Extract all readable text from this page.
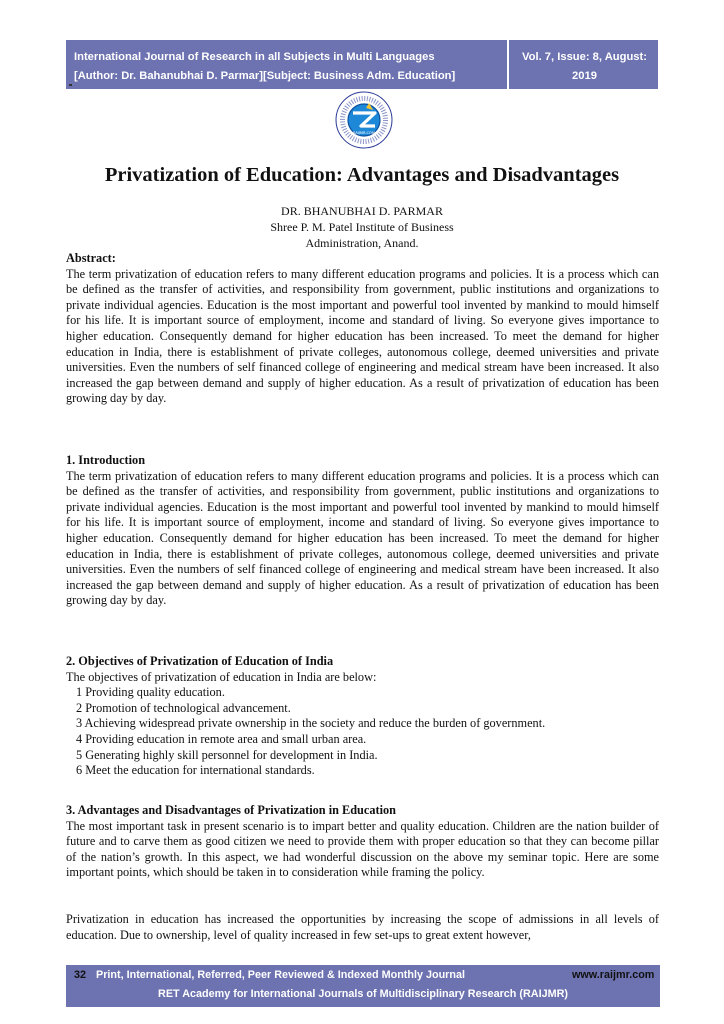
International Journal of Research in all Subjects in Multi Languages
[Author: Dr. Bahanubhai D. Parmar][Subject: Business Adm. Education]
Vol. 7, Issue: 8, August: 2019
(IJRSML) ISSN: 2321 - 2853
RAIJMR.COM
Privatization of Education: Advantages and Disadvantages
DR. BHANUBHAI D. PARMAR
Shree P. M. Patel Institute of Business
Administration, Anand.
Abstract:

The term privatization of education refers to many different education programs and policies. It is a process which can be defined as the transfer of activities, and responsibility from government, public institutions and organizations to private individual agencies. Education is the most important and powerful tool invented by mankind to mould himself for his life. It is important source of employment, income and standard of living. So everyone gives importance to higher education. Consequently demand for higher education has been increased. To meet the demand for higher education in India, there is establishment of private colleges, autonomous college, deemed universities and private universities. Even the numbers of self financed college of engineering and medical stream have been increased. It also increased the gap between demand and supply of higher education. As a result of privatization of education has been growing day by day.

1. Introduction

The term privatization of education refers to many different education programs and policies. It is a process which can be defined as the transfer of activities, and responsibility from government, public institutions and organizations to private individual agencies. Education is the most important and powerful tool invented by mankind to mould himself for his life. It is important source of employment, income and standard of living. So everyone gives importance to higher education. Consequently demand for higher education has been increased. To meet the demand for higher education in India, there is establishment of private colleges, autonomous college, deemed universities and private universities. Even the numbers of self financed college of engineering and medical stream have been increased. It also increased the gap between demand and supply of higher education. As a result of privatization of education has been growing day by day.

2. Objectives of Privatization of Education of India

The objectives of privatization of education in India are below:

1 Providing quality education.
2 Promotion of technological advancement.
3 Achieving widespread private ownership in the society and reduce the burden of government.
4 Providing education in remote area and small urban area.
5 Generating highly skill personnel for development in India.
6 Meet the education for international standards.
3. Advantages and Disadvantages of Privatization in Education

The most important task in present scenario is to impart better and quality education. Children are the nation builder of future and to carve them as good citizen we need to provide them with proper education so that they can become pillar of the nation’s growth. In this aspect, we had wonderful discussion on the above my seminar topic. Here are some important points, which should be taken in to consideration while framing the policy.

Privatization in education has increased the opportunities by increasing the scope of admissions in all levels of education. Due to ownership, level of quality increased in few set-ups to great extent however,

32 Print, International, Referred, Peer Reviewed & Indexed Monthly Journal	www.raijmr.com
RET Academy for International Journals of Multidisciplinary Research (RAIJMR)
